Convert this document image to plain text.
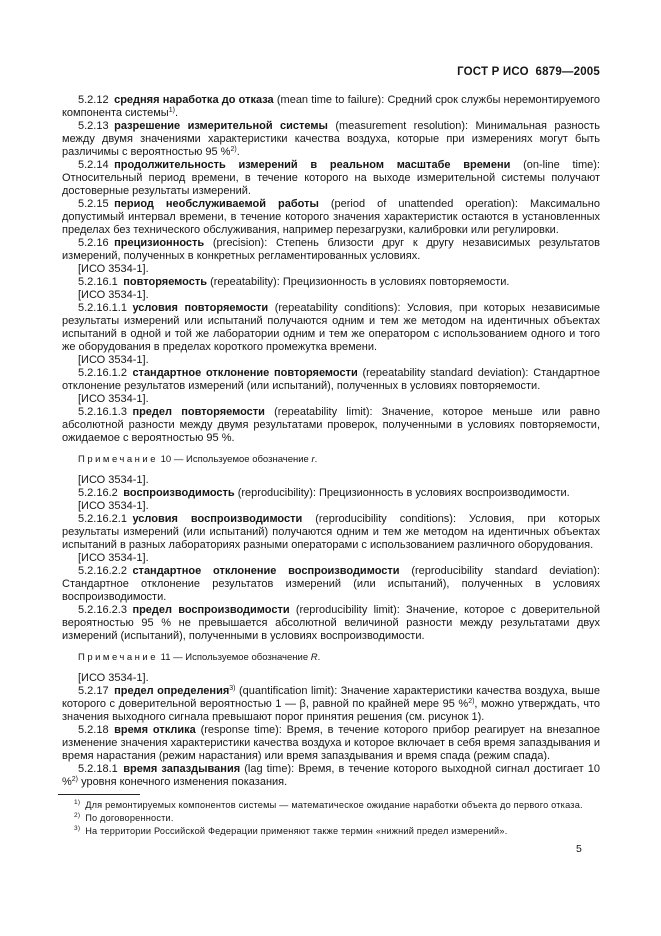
ГОСТ Р ИСО  6879—2005

5.2.12 средняя наработка до отказа (mean time to failure): Средний срок службы неремонтируемого компонента системы$^{1)}$.

5.2.13 разрешение измерительной системы (measurement resolution): Минимальная разность между двумя значениями характеристики качества воздуха, которые при измерениях могут быть различимы с вероятностью 95 %$^{2)}$.

5.2.14 продолжительность измерений в реальном масштабе времени (on-line time): Относительный период времени, в течение которого на выходе измерительной системы получают достоверные результаты измерений.

5.2.15 период необслуживаемой работы (period of unattended operation): Максимально допустимый интервал времени, в течение которого значения характеристик остаются в установленных пределах без технического обслуживания, например перезагрузки, калибровки или регулировки.

5.2.16 прецизионность (precision): Степень близости друг к другу независимых результатов измерений, полученных в конкретных регламентированных условиях.

[ИСО 3534-1].

5.2.16.1 повторяемость (repeatability): Прецизионность в условиях повторяемости.

[ИСО 3534-1].

5.2.16.1.1 условия повторяемости (repeatability conditions): Условия, при которых независимые результаты измерений или испытаний получаются одним и тем же методом на идентичных объектах испытаний в одной и той же лаборатории одним и тем же оператором с использованием одного и того же оборудования в пределах короткого промежутка времени.

[ИСО 3534-1].

5.2.16.1.2 стандартное отклонение повторяемости (repeatability standard deviation): Стандартное отклонение результатов измерений (или испытаний), полученных в условиях повторяемости.

[ИСО 3534-1].

5.2.16.1.3 предел повторяемости (repeatability limit): Значение, которое меньше или равно абсолютной разности между двумя результатами проверок, полученными в условиях повторяемости, ожидаемое с вероятностью 95 %.

Примечание 10 — Используемое обозначение r.

[ИСО 3534-1].

5.2.16.2 воспроизводимость (reproducibility): Прецизионность в условиях воспроизводимости.

[ИСО 3534-1].

5.2.16.2.1 условия воспроизводимости (reproducibility conditions): Условия, при которых результаты измерений (или испытаний) получаются одним и тем же методом на идентичных объектах испытаний в разных лабораториях разными операторами с использованием различного оборудования.

[ИСО 3534-1].

5.2.16.2.2 стандартное отклонение воспроизводимости (reproducibility standard deviation): Стандартное отклонение результатов измерений (или испытаний), полученных в условиях воспроизводимости.

5.2.16.2.3 предел воспроизводимости (reproducibility limit): Значение, которое с доверительной вероятностью 95 % не превышается абсолютной величиной разности между результатами двух измерений (испытаний), полученными в условиях воспроизводимости.

Примечание 11 — Используемое обозначение R.

[ИСО 3534-1].

5.2.17 предел определения$^{3)}$ (quantification limit): Значение характеристики качества воздуха, выше которого с доверительной вероятностью 1 — β, равной по крайней мере 95 %$^{2)}$, можно утверждать, что значения выходного сигнала превышают порог принятия решения (см. рисунок 1).

5.2.18 время отклика (response time): Время, в течение которого прибор реагирует на внезапное изменение значения характеристики качества воздуха и которое включает в себя время запаздывания и время нарастания (режим нарастания) или время запаздывания и время спада (режим спада).

5.2.18.1 время запаздывания (lag time): Время, в течение которого выходной сигнал достигает 10 %$^{2)}$ уровня конечного изменения показания.

$^{1)}$ Для ремонтируемых компонентов системы — математическое ожидание наработки объекта до первого отказа.

$^{2)}$ По договоренности.

$^{3)}$ На территории Российской Федерации применяют также термин «нижний предел измерений».

5
